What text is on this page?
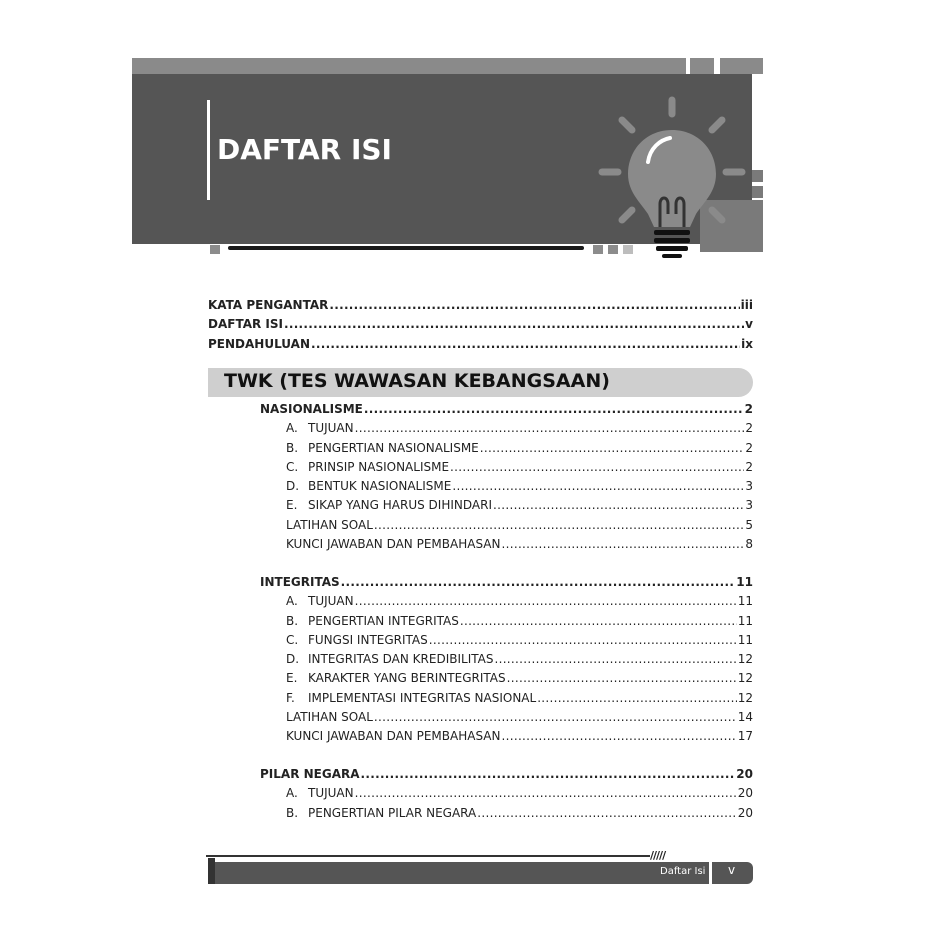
DAFTAR ISI
KATA PENGANTAR .....	iii
DAFTAR ISI .....	v
PENDAHULUAN .....	ix
TWK (TES WAWASAN KEBANGSAAN)
NASIONALISME .....	2
A. TUJUAN .....	2
B. PENGERTIAN NASIONALISME .....	2
C. PRINSIP NASIONALISME .....	2
D. BENTUK NASIONALISME .....	3
E. SIKAP YANG HARUS DIHINDARI .....	3
LATIHAN SOAL .....	5
KUNCI JAWABAN DAN PEMBAHASAN .....	8
INTEGRITAS .....	11
A. TUJUAN .....	11
B. PENGERTIAN INTEGRITAS .....	11
C. FUNGSI INTEGRITAS .....	11
D. INTEGRITAS DAN KREDIBILITAS .....	12
E. KARAKTER YANG BERINTEGRITAS .....	12
F. IMPLEMENTASI INTEGRITAS NASIONAL .....	12
LATIHAN SOAL .....	14
KUNCI JAWABAN DAN PEMBAHASAN .....	17
PILAR NEGARA .....	20
A. TUJUAN .....	20
B. PENGERTIAN PILAR NEGARA .....	20
/////
Daftar Isi v
